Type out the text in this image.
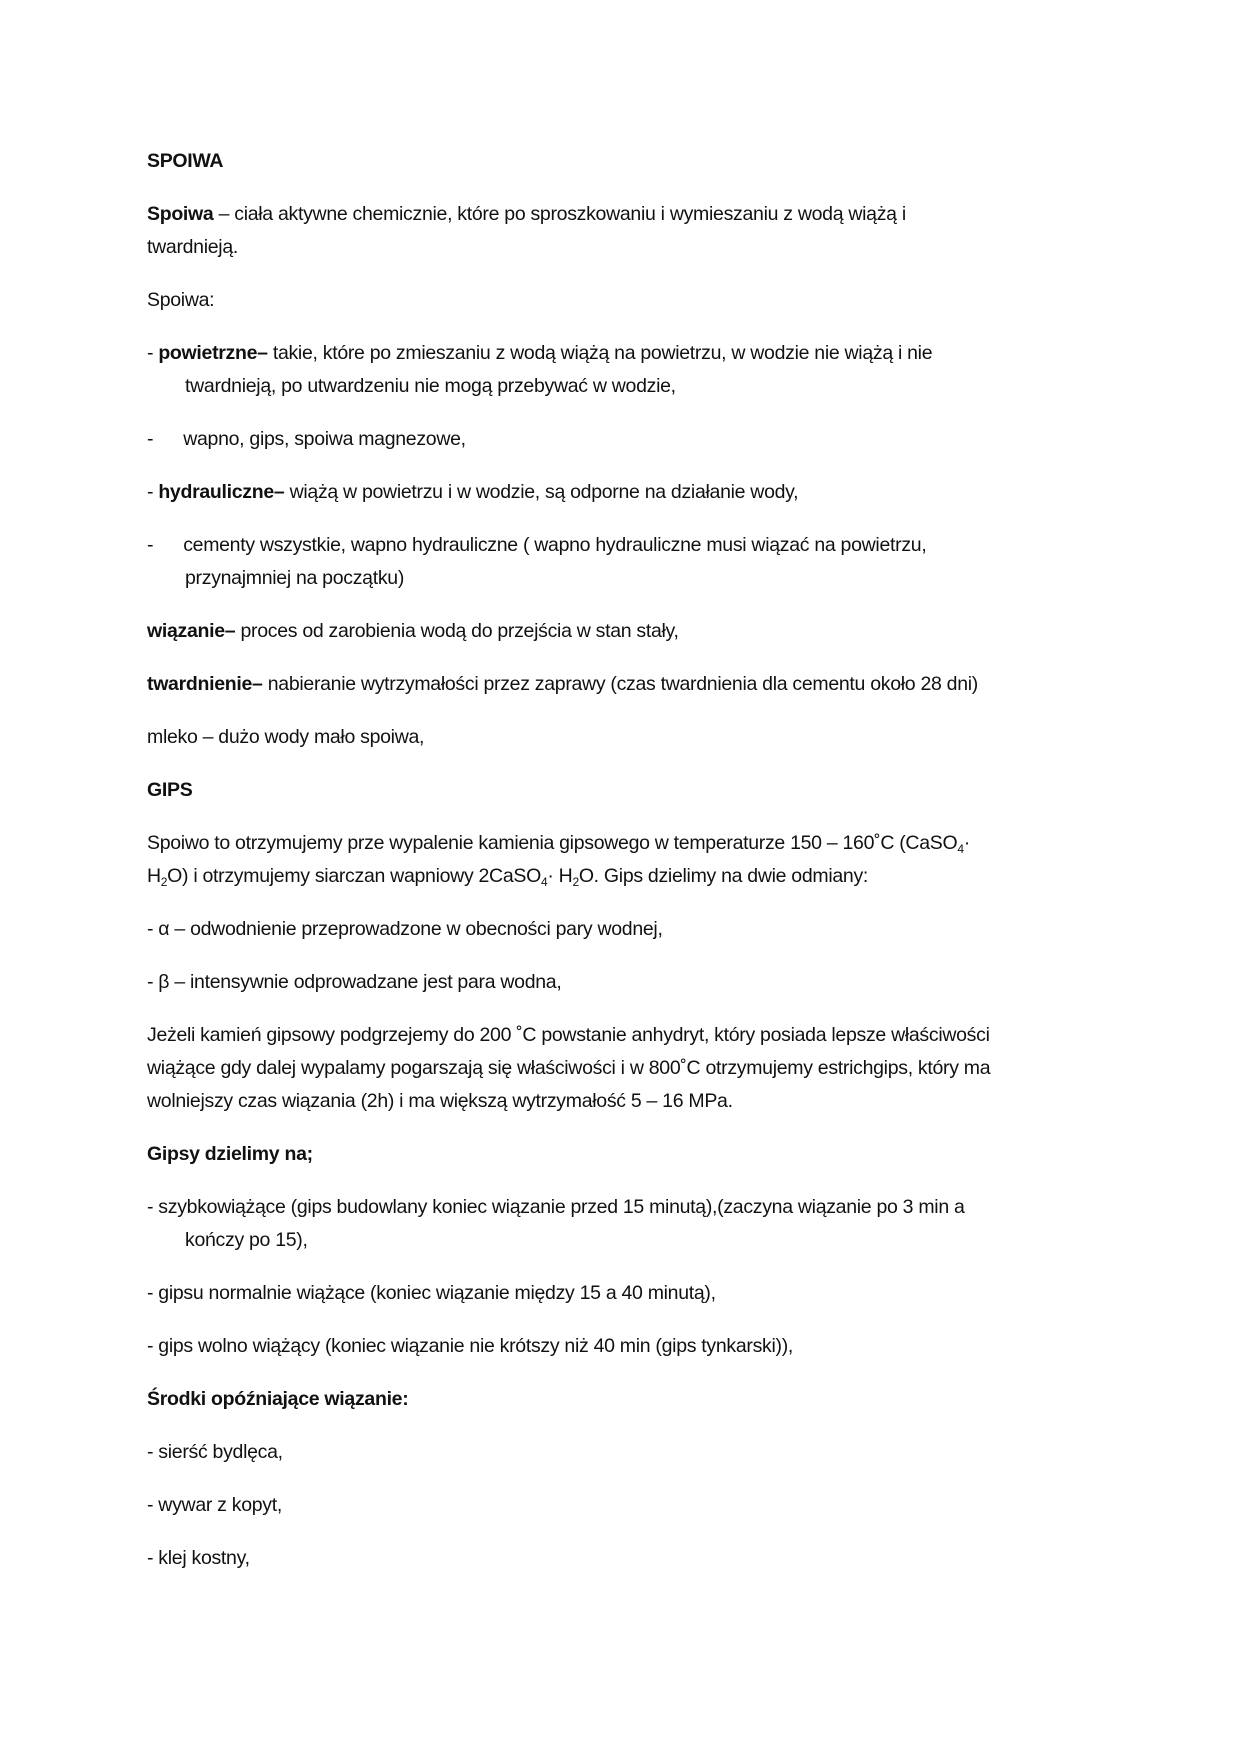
SPOIWA
Spoiwa – ciała aktywne chemicznie, które po sproszkowaniu i wymieszaniu z wodą wiążą i
twardnieją.
Spoiwa:
- powietrzne– takie, które po zmieszaniu z wodą wiążą na powietrzu, w wodzie nie wiążą i nie
twardnieją, po utwardzeniu nie mogą przebywać w wodzie,
- wapno, gips, spoiwa magnezowe,
- hydrauliczne– wiążą w powietrzu i w wodzie, są odporne na działanie wody,
- cementy wszystkie, wapno hydrauliczne ( wapno hydrauliczne musi wiązać na powietrzu,
przynajmniej na początku)
wiązanie– proces od zarobienia wodą do przejścia w stan stały,
twardnienie– nabieranie wytrzymałości przez zaprawy (czas twardnienia dla cementu około 28 dni)
mleko – dużo wody mało spoiwa,
GIPS
Spoiwo to otrzymujemy prze wypalenie kamienia gipsowego w temperaturze 150 – 160˚C (CaSO$_4$·
$H_2O$) i otrzymujemy siarczan wapniowy 2CaSO$_4$· $H_2O$. Gips dzielimy na dwie odmiany:
- α – odwodnienie przeprowadzone w obecności pary wodnej,
- β – intensywnie odprowadzane jest para wodna,
Jeżeli kamień gipsowy podgrzejemy do 200 ˚C powstanie anhydryt, który posiada lepsze właściwości
wiążące gdy dalej wypalamy pogarszają się właściwości i w 800˚C otrzymujemy estrichgips, który ma
wolniejszy czas wiązania (2h) i ma większą wytrzymałość 5 – 16 MPa.
Gipsy dzielimy na;
- szybkowiążące (gips budowlany koniec wiązanie przed 15 minutą),(zaczyna wiązanie po 3 min a
kończy po 15),
- gipsu normalnie wiążące (koniec wiązanie między 15 a 40 minutą),
- gips wolno wiążący (koniec wiązanie nie krótszy niż 40 min (gips tynkarski)),
Środki opóźniające wiązanie:
- sierść bydlęca,
- wywar z kopyt,
- klej kostny,
